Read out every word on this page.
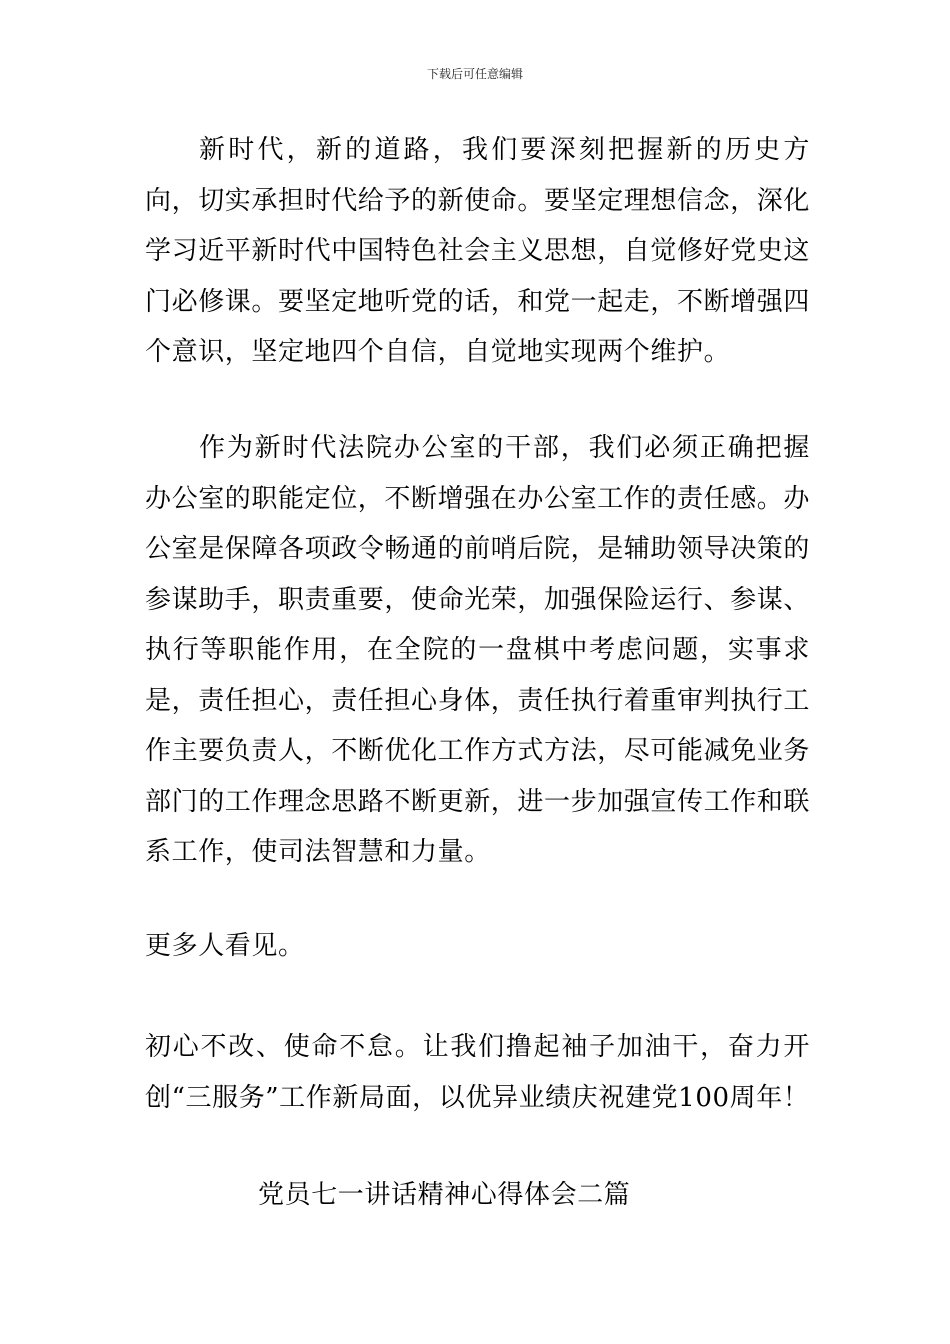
下载后可任意编辑

新时代，新的道路，我们要深刻把握新的历史方向，切实承担时代给予的新使命。要坚定理想信念，深化学习近平新时代中国特色社会主义思想，自觉修好党史这门必修课。要坚定地听党的话，和党一起走，不断增强四个意识，坚定地四个自信，自觉地实现两个维护。

作为新时代法院办公室的干部，我们必须正确把握办公室的职能定位，不断增强在办公室工作的责任感。办公室是保障各项政令畅通的前哨后院，是辅助领导决策的参谋助手，职责重要，使命光荣，加强保险运行、参谋、执行等职能作用，在全院的一盘棋中考虑问题，实事求是，责任担心，责任担心身体，责任执行着重审判执行工作主要负责人，不断优化工作方式方法，尽可能减免业务部门的工作理念思路不断更新，进一步加强宣传工作和联系工作，使司法智慧和力量。

更多人看见。

初心不改、使命不怠。让我们撸起袖子加油干，奋力开创“三服务”工作新局面，以优异业绩庆祝建党100周年！

党员七一讲话精神心得体会二篇
